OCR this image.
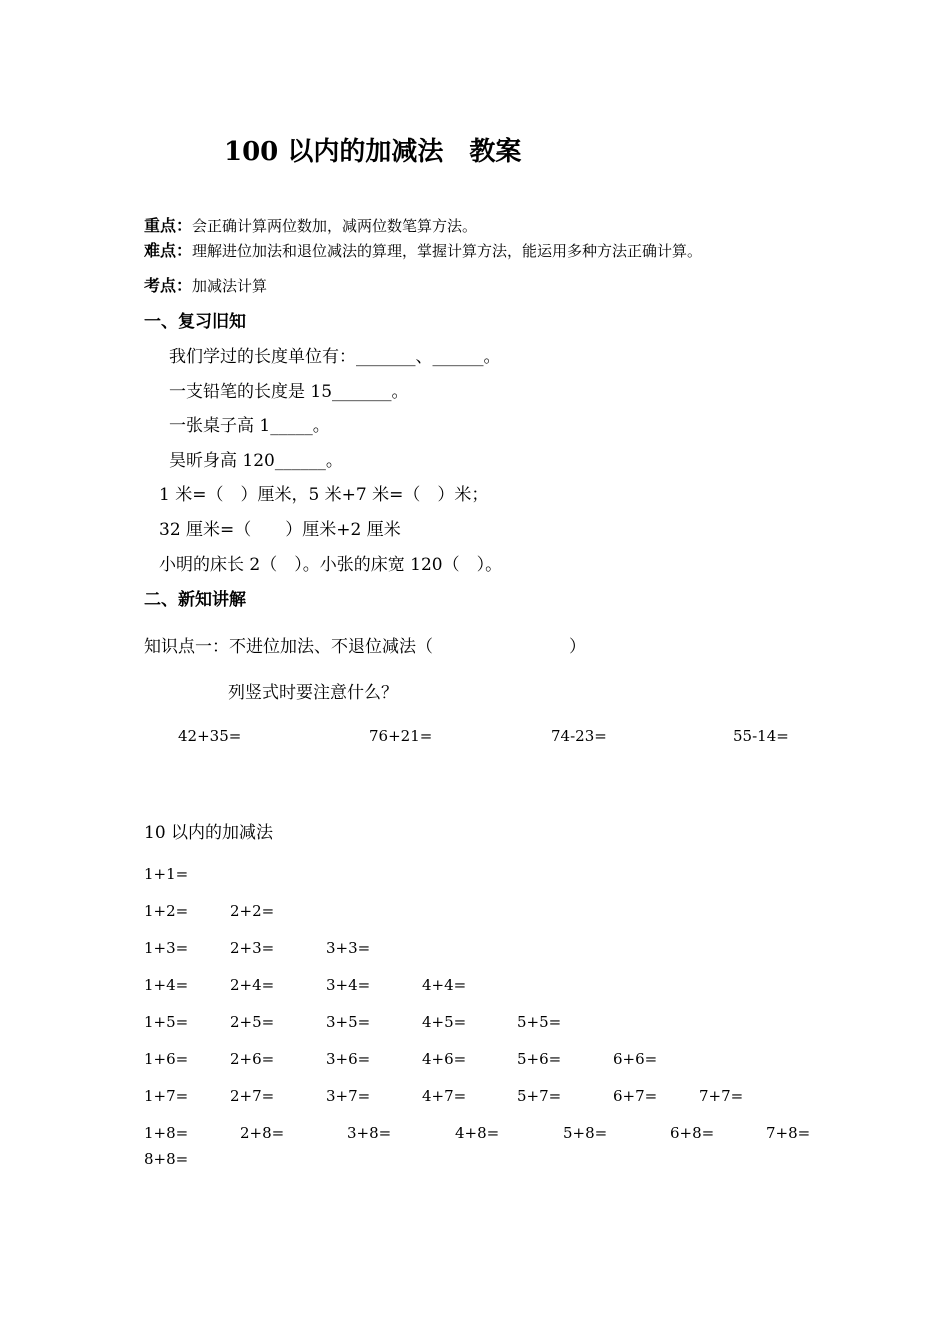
100 以内的加减法　教案
重点：会正确计算两位数加，减两位数笔算方法。
难点：理解进位加法和退位减法的算理，掌握计算方法，能运用多种方法正确计算。
考点：加减法计算
一、复习旧知
我们学过的长度单位有：_______、______。
一支铅笔的长度是 15_______。
一张桌子高 1_____。
昊昕身高 120______。
1 米=（　）厘米，5 米+7 米=（　）米；
32 厘米=（　　）厘米+2 厘米
小明的床长 2（　）。小张的床宽 120（　）。
二、新知讲解
知识点一：不进位加法、不退位减法（　　　　　　　　）
列竖式时要注意什么？
42+35=	76+21=	74-23=	55-14=
10 以内的加减法
1+1=
1+2=	2+2=
1+3=	2+3=	3+3=
1+4=	2+4=	3+4=	4+4=
1+5=	2+5=	3+5=	4+5=	5+5=
1+6=	2+6=	3+6=	4+6=	5+6=	6+6=
1+7=	2+7=	3+7=	4+7=	5+7=	6+7=	7+7=
1+8=	2+8=	3+8=	4+8=	5+8=	6+8=	7+8=
8+8=
